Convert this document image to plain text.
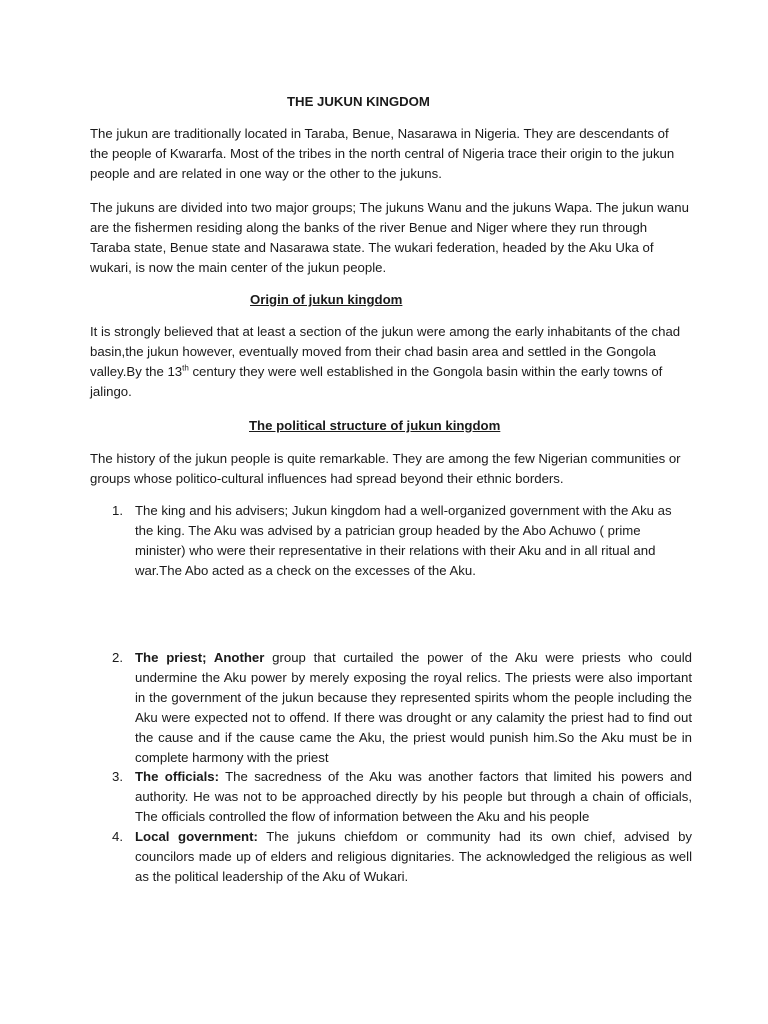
THE JUKUN KINGDOM

The jukun are traditionally located in Taraba, Benue, Nasarawa in Nigeria. They are descendants of the people of Kwararfa. Most of the tribes in the north central of Nigeria trace their origin to the jukun people and are related in one way or the other to the jukuns.

The jukuns are divided into two major groups; The jukuns Wanu and the jukuns Wapa. The jukun wanu are the fishermen residing along the banks of the river Benue and Niger where they run through Taraba state, Benue state and Nasarawa state. The wukari federation, headed by the Aku Uka of wukari, is now the main center of the jukun people.

Origin of jukun kingdom

It is strongly believed that at least a section of the jukun were among the early inhabitants of the chad basin,the jukun however, eventually moved from their chad basin area and settled in the Gongola valley.By the 13th century they were well established in the Gongola basin within the early towns of jalingo.

The political structure of jukun kingdom

The history of the jukun people is quite remarkable. They are among the few Nigerian communities or groups whose politico-cultural influences had spread beyond their ethnic borders.

1. The king and his advisers; Jukun kingdom had a well-organized government with the Aku as the king. The Aku was advised by a patrician group headed by the Abo Achuwo ( prime minister) who were their representative in their relations with their Aku and in all ritual and war.The Abo acted as a check on the excesses of the Aku.
2. The priest; Another group that curtailed the power of the Aku were priests who could undermine the Aku power by merely exposing the royal relics. The priests were also important in the government of the jukun because they represented spirits whom the people including the Aku were expected not to offend. If there was drought or any calamity the priest had to find out the cause and if the cause came the Aku, the priest would punish him.So the Aku must be in complete harmony with the priest
3. The officials: The sacredness of the Aku was another factors that limited his powers and authority. He was not to be approached directly by his people but through a chain of officials, The officials controlled the flow of information between the Aku and his people
4. Local government: The jukuns chiefdom or community had its own chief, advised by councilors made up of elders and religious dignitaries. The acknowledged the religious as well as the political leadership of the Aku of Wukari.
